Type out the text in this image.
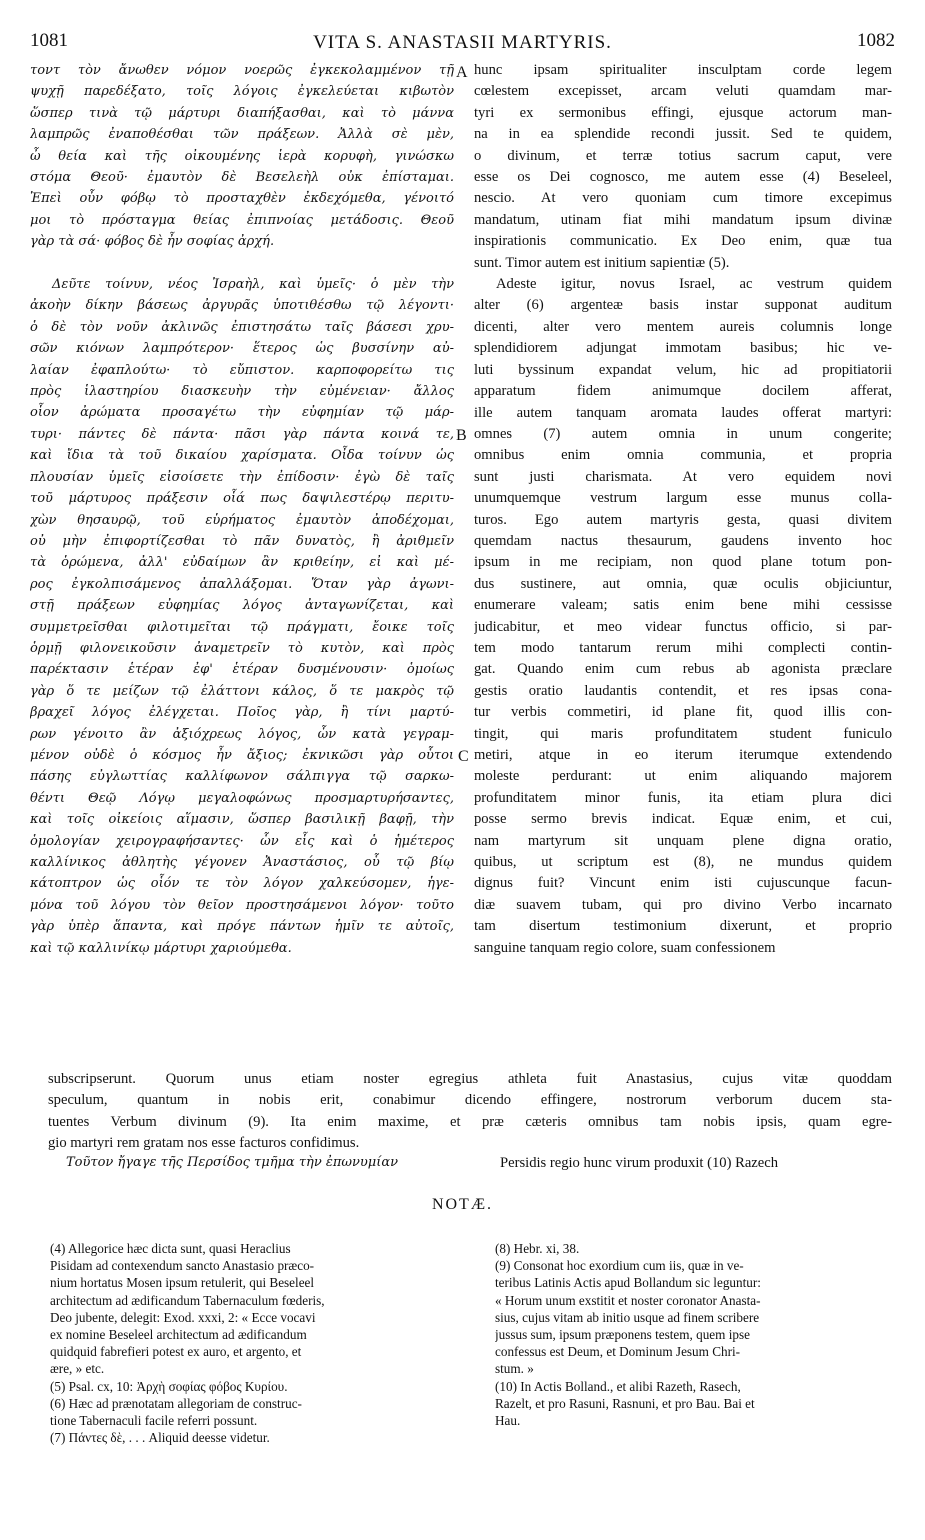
1081	VITA S. ANASTASII MARTYRIS.	1082
τοντ τὸν ἄνωθεν νόμον νοερῶς ἐγκεκολαμμένον τῇ
ψυχῇ παρεδέξατο, τοῖς λόγοις ἐγκελεύεται κιβωτὸν
ὥσπερ τινὰ τῷ μάρτυρι διαπήξασθαι, καὶ τὸ μάννα
λαμπρῶς ἐναποθέσθαι τῶν πράξεων. Ἀλλὰ σὲ μὲν,
ὦ θεία καὶ τῆς οἰκουμένης ἱερὰ κορυφὴ, γινώσκω
στόμα Θεοῦ· ἐμαυτὸν δὲ Βεσελεὴλ οὐκ ἐπίσταμαι.
Ἐπεὶ οὖν φόβῳ τὸ προσταχθὲν ἐκδεχόμεθα, γένοιτό
μοι τὸ πρόσταγμα θείας ἐπιπνοίας μετάδοσις. Θεοῦ
γὰρ τὰ σά· φόβος δὲ ἦν σοφίας ἀρχή.
Δεῦτε τοίνυν, νέος Ἰσραὴλ, καὶ ὑμεῖς· ὁ μὲν τὴν
ἀκοὴν δίκην βάσεως ἀργυρᾶς ὑποτιθέσθω τῷ λέγοντι·
ὁ δὲ τὸν νοῦν ἀκλινῶς ἐπιστησάτω ταῖς βάσεσι χρυ-
σῶν κιόνων λαμπρότερον· ἕτερος ὡς βυσσίνην αὐ-
λαίαν ἐφαπλούτω· τὸ εὔπιστον. καρποφορείτω τις
πρὸς ἱλαστηρίου διασκευὴν τὴν εὐμένειαν· ἄλλος
οἷον ἀρώματα προσαγέτω τὴν εὐφημίαν τῷ μάρ-
τυρι· πάντες δὲ πάντα· πᾶσι γὰρ πάντα κοινά τε,
καὶ ἴδια τὰ τοῦ δικαίου χαρίσματα. Οἶδα τοίνυν ὡς
πλουσίαν ὑμεῖς εἰσοίσετε τὴν ἐπίδοσιν· ἐγὼ δὲ ταῖς
τοῦ μάρτυρος πράξεσιν οἷά πως δαψιλεστέρῳ περιτυ-
χὼν θησαυρῷ, τοῦ εὑρήματος ἐμαυτὸν ἀποδέχομαι,
οὐ μὴν ἐπιφορτίζεσθαι τὸ πᾶν δυνατὸς, ἢ ἀριθμεῖν
τὰ ὁρώμενα, ἀλλ' εὐδαίμων ἂν κριθείην, εἰ καὶ μέ-
ρος ἐγκολπισάμενος ἀπαλλάξομαι. Ὅταν γὰρ ἀγωνι-
στῇ πράξεων εὐφημίας λόγος ἀνταγωνίζεται, καὶ
συμμετρεῖσθαι φιλοτιμεῖται τῷ πράγματι, ἔοικε τοῖς
ὁρμῇ φιλονεικοῦσιν ἀναμετρεῖν τὸ κυτὸν, καὶ πρὸς
παρέκτασιν ἑτέραν ἐφ' ἑτέραν δυσμένουσιν· ὁμοίως
γὰρ ὅ τε μείζων τῷ ἐλάττονι κάλος, ὅ τε μακρὸς τῷ
βραχεῖ λόγος ἐλέγχεται. Ποῖος γὰρ, ἢ τίνι μαρτύ-
ρων γένοιτο ἂν ἀξιόχρεως λόγος, ὧν κατὰ γεγραμ-
μένον οὐδὲ ὁ κόσμος ἦν ἄξιος; ἐκνικῶσι γὰρ οὗτοι
πάσης εὐγλωττίας καλλίφωνον σάλπιγγα τῷ σαρκω-
θέντι Θεῷ Λόγῳ μεγαλοφώνως προσμαρτυρήσαντες,
καὶ τοῖς οἰκείοις αἵμασιν, ὥσπερ βασιλικῇ βαφῇ, τὴν
ὁμολογίαν χειρογραφήσαντες· ὧν εἷς καὶ ὁ ἡμέτερος
καλλίνικος ἀθλητὴς γέγονεν Ἀναστάσιος, οὗ τῷ βίῳ
κάτοπτρον ὡς οἷόν τε τὸν λόγον χαλκεύσομεν, ἡγε-
μόνα τοῦ λόγου τὸν θεῖον προστησάμενοι λόγον· τοῦτο
γὰρ ὑπὲρ ἅπαντα, καὶ πρόγε πάντων ἡμῖν τε αὐτοῖς,
καὶ τῷ καλλινίκῳ μάρτυρι χαριούμεθα.
hunc ipsam spiritualiter insculptam corde legem
cœlestem excepisset, arcam veluti quamdam mar-
tyri ex sermonibus effingi, ejusque actorum man-
na in ea splendide recondi jussit. Sed te quidem,
o divinum, et terræ totius sacrum caput, vere
esse os Dei cognosco, me autem esse (4) Beseleel,
nescio. At vero quoniam cum timore excepimus
mandatum, utinam fiat mihi mandatum ipsum divinæ
inspirationis communicatio. Ex Deo enim, quæ tua
sunt. Timor autem est initium sapientiæ (5).
Adeste igitur, novus Israel, ac vestrum quidem
alter (6) argenteæ basis instar supponat auditum
dicenti, alter vero mentem aureis columnis longe
splendidiorem adjungat immotam basibus; hic ve-
luti byssinum expandat velum, hic ad propitiatorii
apparatum fidem animumque docilem afferat,
ille autem tanquam aromata laudes offerat martyri:
omnes (7) autem omnia in unum congerite;
omnibus enim omnia communia, et propria
sunt justi charismata. At vero equidem novi
unumquemque vestrum largum esse munus colla-
turos. Ego autem martyris gesta, quasi divitem
quemdam nactus thesaurum, gaudens invento hoc
ipsum in me recipiam, non quod plane totum pon-
dus sustinere, aut omnia, quæ oculis objiciuntur,
enumerare valeam; satis enim bene mihi cessisse
judicabitur, et meo videar functus officio, si par-
tem modo tantarum rerum mihi complecti contin-
gat. Quando enim cum rebus ab agonista præclare
gestis oratio laudantis contendit, et res ipsas cona-
tur verbis commetiri, id plane fit, quod illis con-
tingit, qui maris profunditatem student funiculo
metiri, atque in eo iterum iterumque extendendo
moleste perdurant: ut enim aliquando majorem
profunditatem minor funis, ita etiam plura dici
posse sermo brevis indicat. Equæ enim, et cui,
nam martyrum sit unquam plene digna oratio,
quibus, ut scriptum est (8), ne mundus quidem
dignus fuit? Vincunt enim isti cujuscunque facun-
diæ suavem tubam, qui pro divino Verbo incarnato
tam disertum testimonium dixerunt, et proprio
sanguine tanquam regio colore, suam confessionem
A
B
C
subscripserunt. Quorum unus etiam noster egregius athleta fuit Anastasius, cujus vitæ quoddam
speculum, quantum in nobis erit, conabimur dicendo effingere, nostrorum verborum ducem sta-
tuentes Verbum divinum (9). Ita enim maxime, et præ cæteris omnibus tam nobis ipsis, quam egre-
gio martyri rem gratam nos esse facturos confidimus.
Τοῦτον ἤγαγε τῆς Περσίδος τμῆμα τὴν ἐπωνυμίαν	Persidis regio hunc virum produxit (10) Razech
NOTÆ.
(4) Allegorice hæc dicta sunt, quasi Heraclius
Pisidam ad contexendum sancto Anastasio præco-
nium hortatus Mosen ipsum retulerit, qui Beseleel
architectum ad ædificandum Tabernaculum fœderis,
Deo jubente, delegit: Exod. xxxi, 2: « Ecce vocavi
ex nomine Beseleel architectum ad ædificandum
quidquid fabrefieri potest ex auro, et argento, et
ære, » etc.
(5) Psal. cx, 10: Ἀρχὴ σοφίας φόβος Κυρίου.
(6) Hæc ad prænotatam allegoriam de construc-
tione Tabernaculi facile referri possunt.
(7) Πάντες δὲ, . . . Aliquid deesse videtur.
(8) Hebr. xi, 38.
(9) Consonat hoc exordium cum iis, quæ in ve-
teribus Latinis Actis apud Bollandum sic leguntur:
« Horum unum exstitit et noster coronator Anasta-
sius, cujus vitam ab initio usque ad finem scribere
jussus sum, ipsum præponens testem, quem ipse
confessus est Deum, et Dominum Jesum Chri-
stum. »
(10) In Actis Bolland., et alibi Razeth, Rasech,
Razelt, et pro Rasuni, Rasnuni, et pro Bau. Bai et
Hau.
